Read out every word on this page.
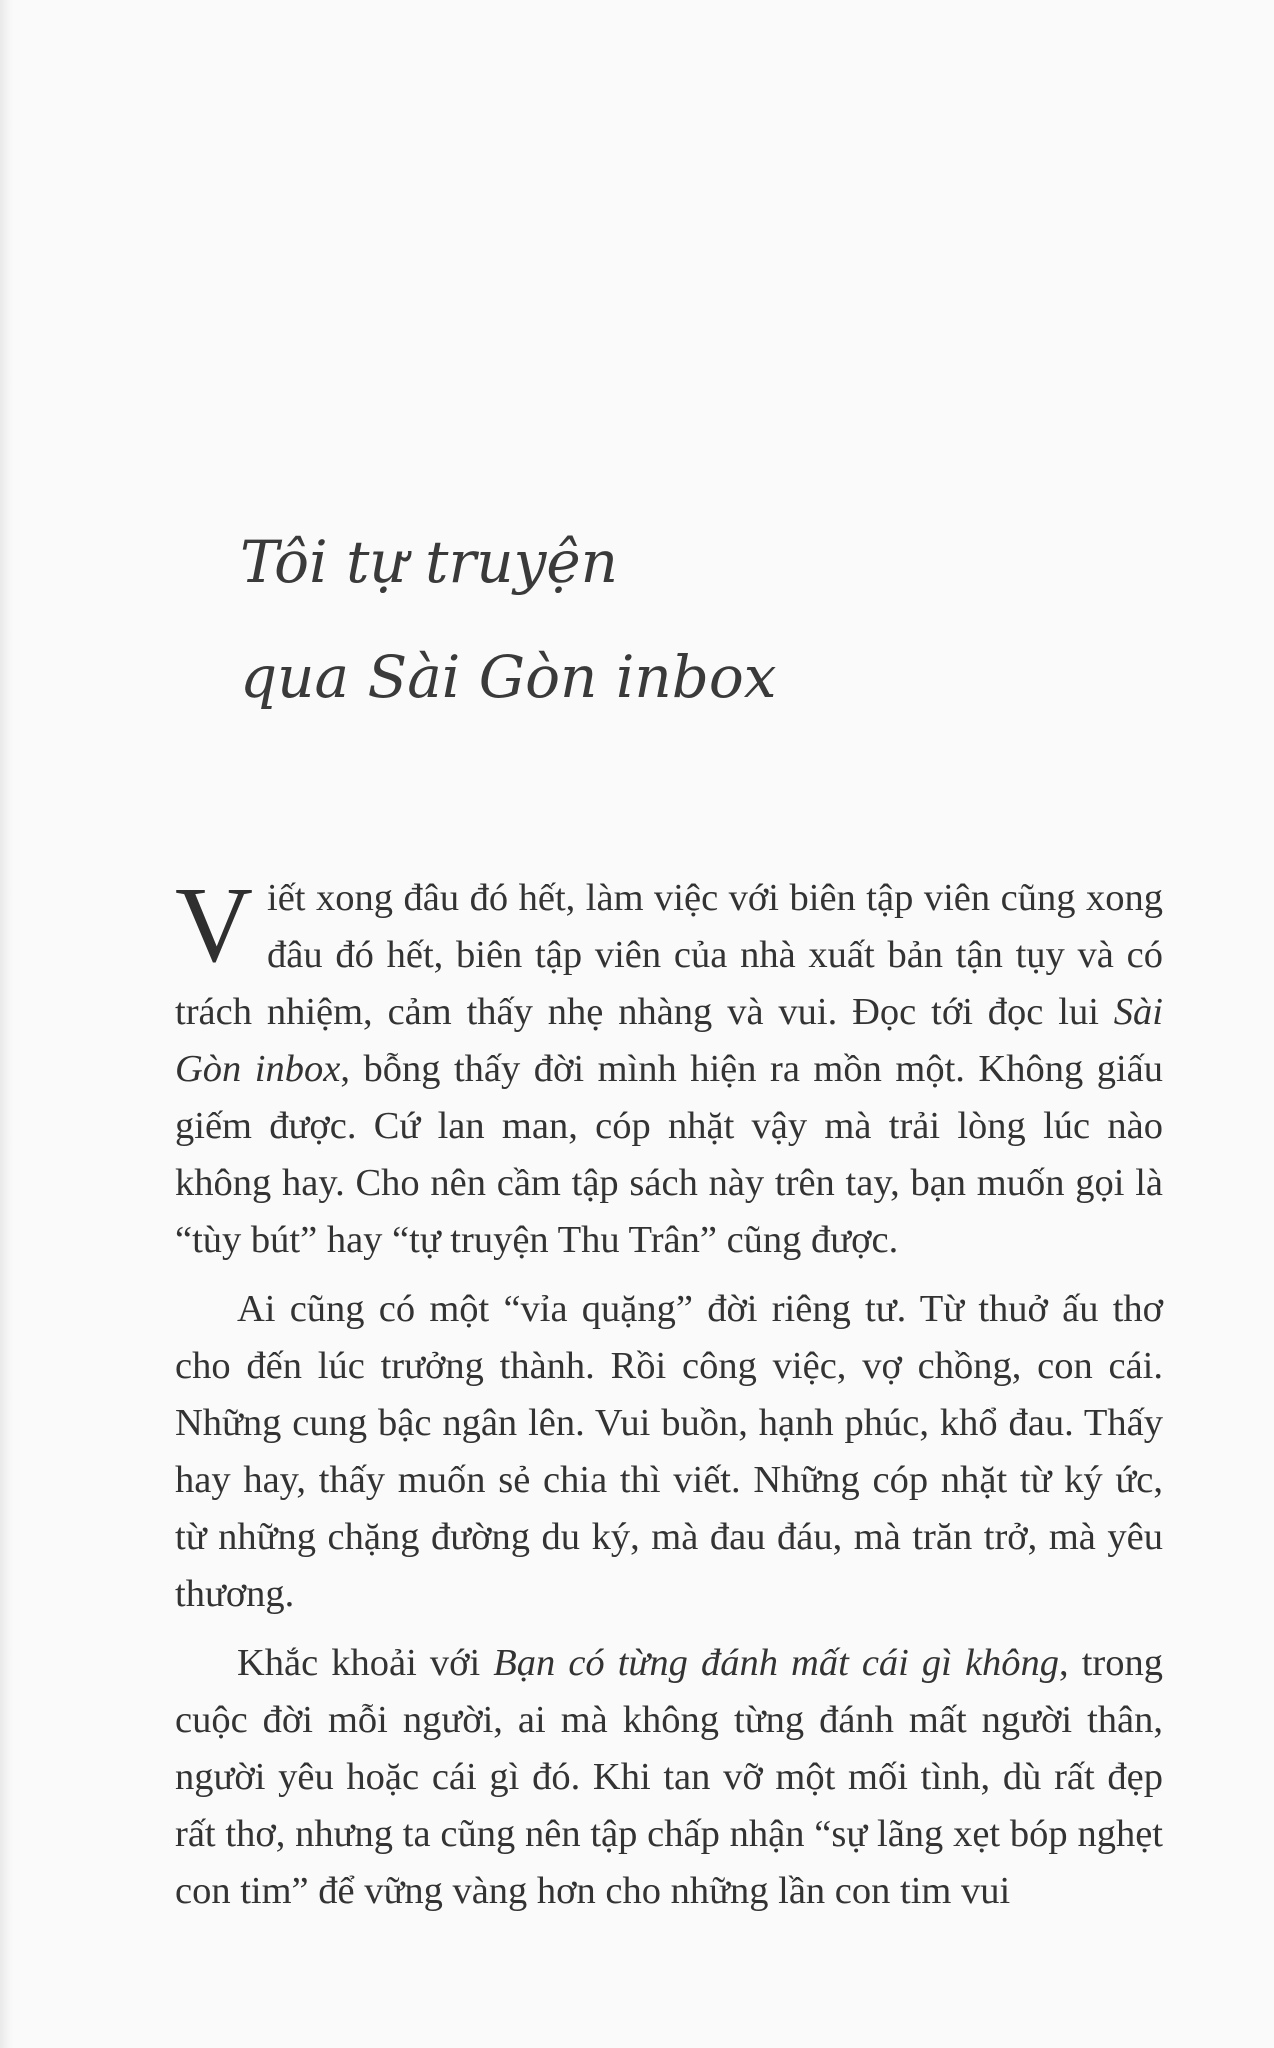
Tôi tự truyện
qua Sài Gòn inbox

Viết xong đâu đó hết, làm việc với biên tập viên cũng xong đâu đó hết, biên tập viên của nhà xuất bản tận tụy và có trách nhiệm, cảm thấy nhẹ nhàng và vui. Đọc tới đọc lui Sài Gòn inbox, bỗng thấy đời mình hiện ra mồn một. Không giấu giếm được. Cứ lan man, cóp nhặt vậy mà trải lòng lúc nào không hay. Cho nên cầm tập sách này trên tay, bạn muốn gọi là “tùy bút” hay “tự truyện Thu Trân” cũng được.

Ai cũng có một “vỉa quặng” đời riêng tư. Từ thuở ấu thơ cho đến lúc trưởng thành. Rồi công việc, vợ chồng, con cái. Những cung bậc ngân lên. Vui buồn, hạnh phúc, khổ đau. Thấy hay hay, thấy muốn sẻ chia thì viết. Những cóp nhặt từ ký ức, từ những chặng đường du ký, mà đau đáu, mà trăn trở, mà yêu thương.

Khắc khoải với Bạn có từng đánh mất cái gì không, trong cuộc đời mỗi người, ai mà không từng đánh mất người thân, người yêu hoặc cái gì đó. Khi tan vỡ một mối tình, dù rất đẹp rất thơ, nhưng ta cũng nên tập chấp nhận “sự lãng xẹt bóp nghẹt con tim” để vững vàng hơn cho những lần con tim vui
